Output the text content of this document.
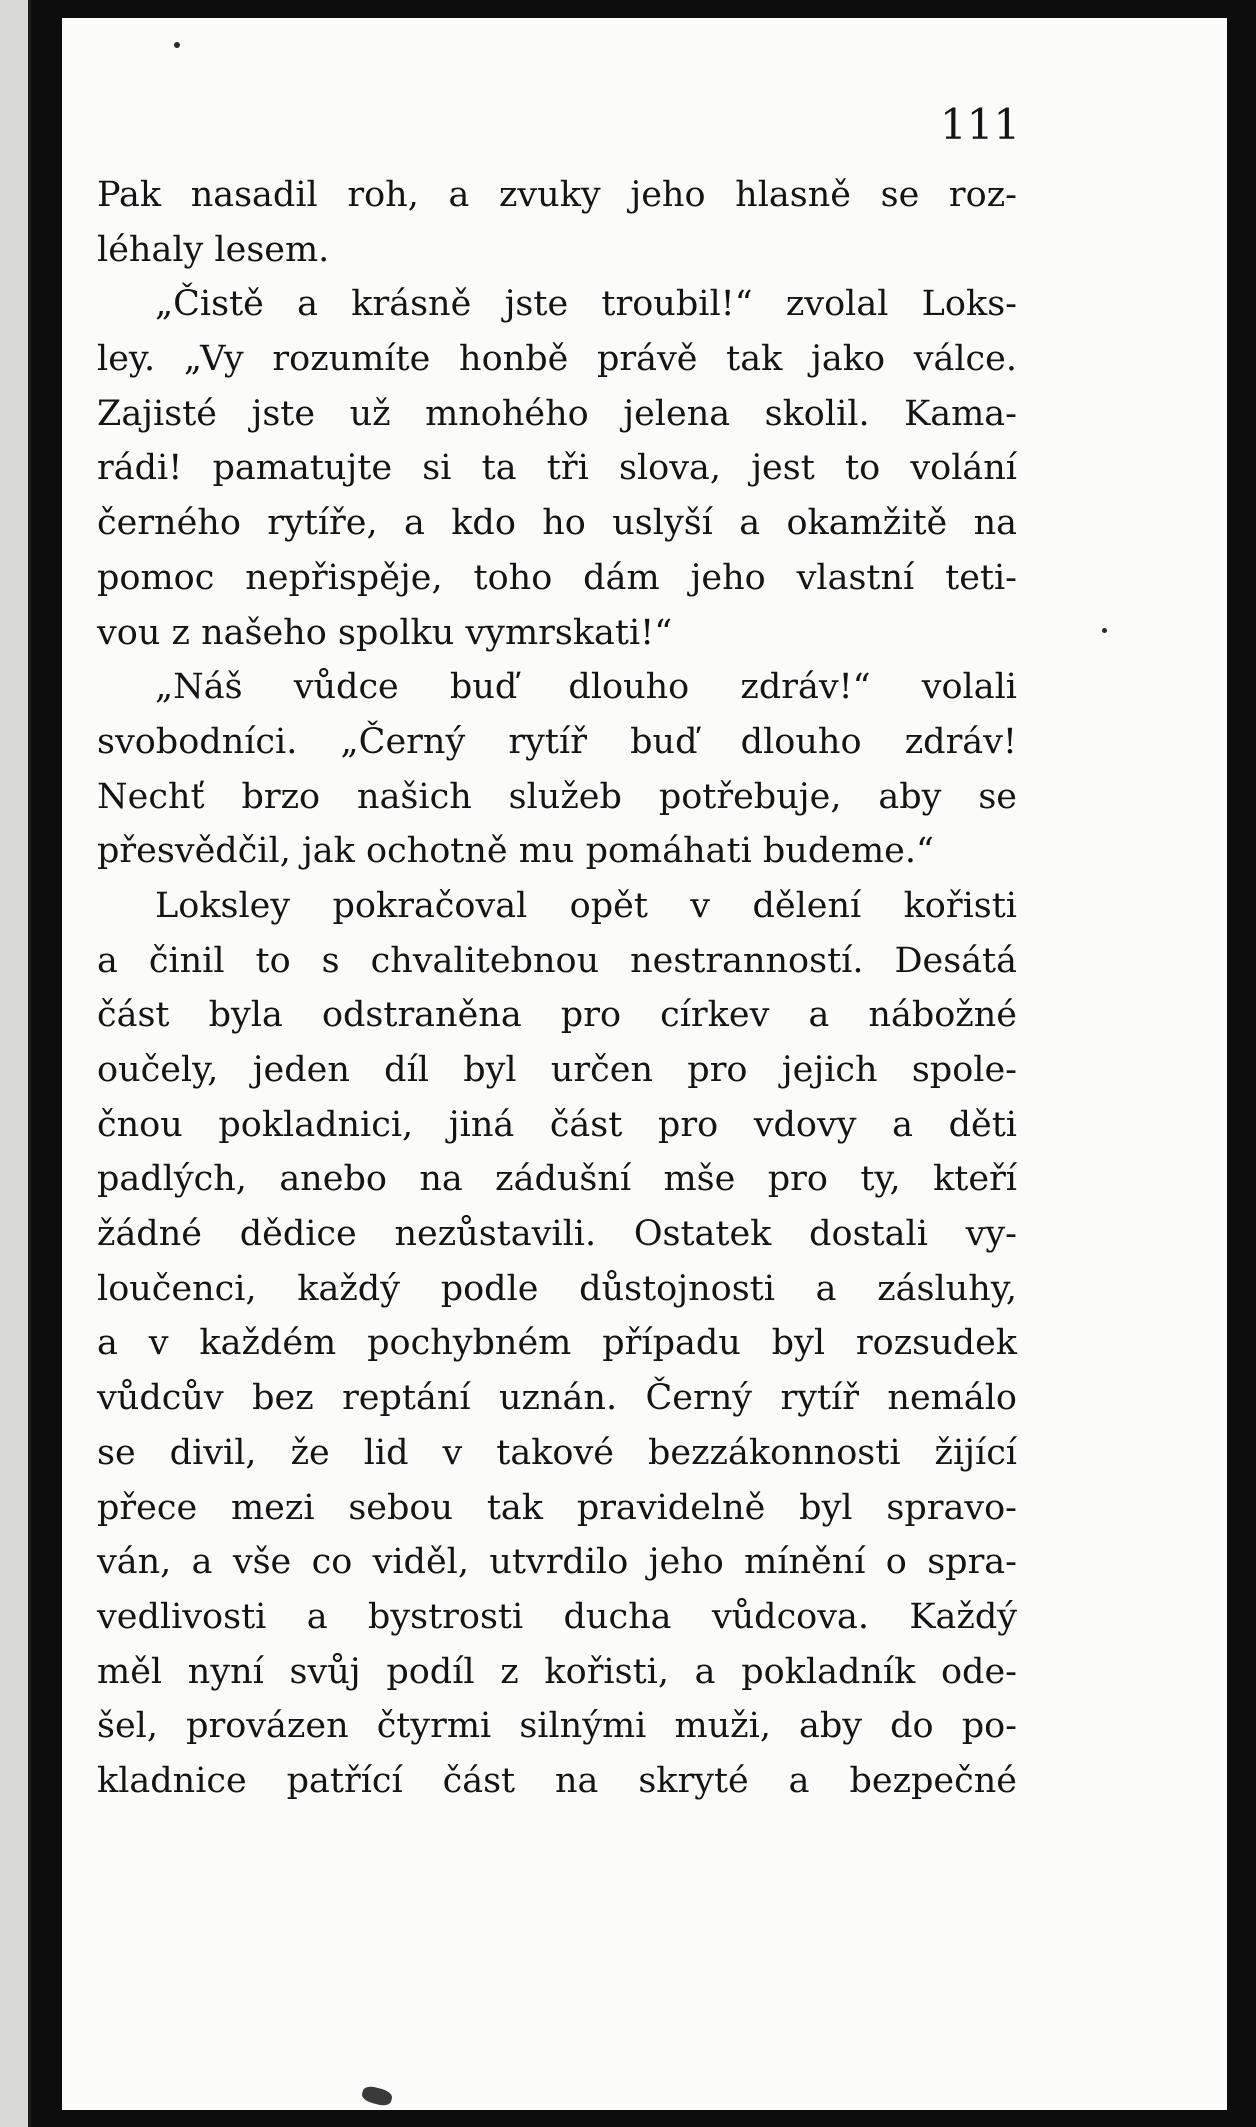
111
Pak nasadil roh, a zvuky jeho hlasně se roz-
léhaly lesem.
„Čistě a krásně jste troubil!“ zvolal Loks-
ley. „Vy rozumíte honbě právě tak jako válce.
Zajisté jste už mnohého jelena skolil. Kama-
rádi! pamatujte si ta tři slova, jest to volání
černého rytíře, a kdo ho uslyší a okamžitě na
pomoc nepřispěje, toho dám jeho vlastní teti-
vou z našeho spolku vymrskati!“
„Náš vůdce buď dlouho zdráv!“ volali
svobodníci. „Černý rytíř buď dlouho zdráv!
Nechť brzo našich služeb potřebuje, aby se
přesvědčil, jak ochotně mu pomáhati budeme.“
Loksley pokračoval opět v dělení kořisti
a činil to s chvalitebnou nestranností. Desátá
část byla odstraněna pro církev a nábožné
oučely, jeden díl byl určen pro jejich spole-
čnou pokladnici, jiná část pro vdovy a děti
padlých, anebo na zádušní mše pro ty, kteří
žádné dědice nezůstavili. Ostatek dostali vy-
loučenci, každý podle důstojnosti a zásluhy,
a v každém pochybném případu byl rozsudek
vůdcův bez reptání uznán. Černý rytíř nemálo
se divil, že lid v takové bezzákonnosti žijící
přece mezi sebou tak pravidelně byl spravo-
ván, a vše co viděl, utvrdilo jeho mínění o spra-
vedlivosti a bystrosti ducha vůdcova. Každý
měl nyní svůj podíl z kořisti, a pokladník ode-
šel, provázen čtyrmi silnými muži, aby do po-
kladnice patřící část na skryté a bezpečné
